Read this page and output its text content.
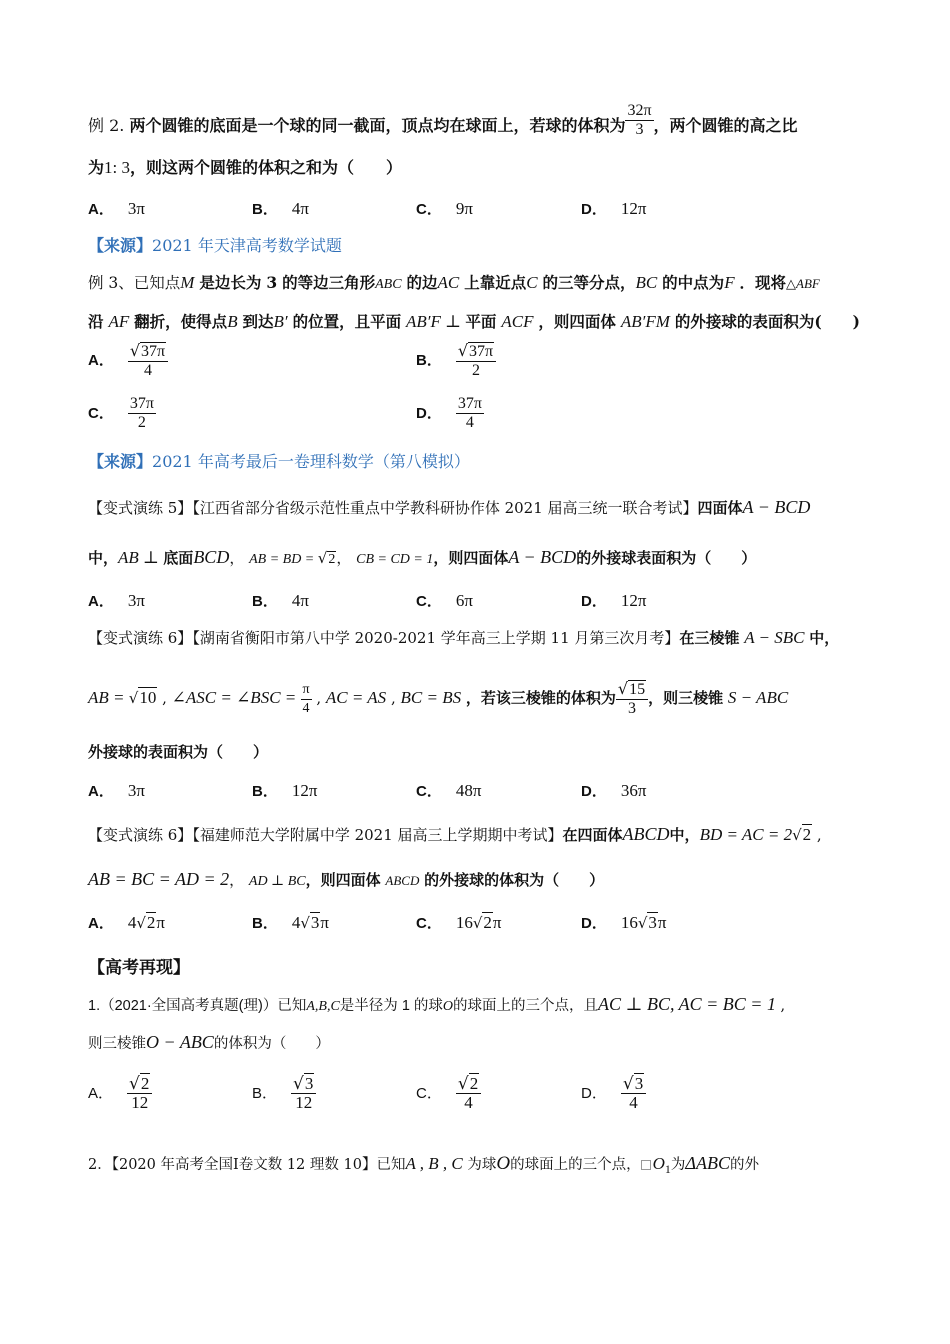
例 2. 两个圆锥的底面是一个球的同一截面，顶点均在球面上，若球的体积为 $\frac{32\pi}{3}$ ，两个圆锥的高之比
为1: 3，则这两个圆锥的体积之和为（　　）
A． 3π	B． 4π	C． 9π	D． 12π
【来源】2021 年天津高考数学试题
例 3、已知点M 是边长为 3 的等边三角形ABC 的边AC 上靠近点C 的三等分点，BC 的中点为F ．现将△ABF
沿 AF 翻折，使得点B 到达B′ 的位置，且平面 AB′F ⊥ 平面 ACF ，则四面体 AB′FM 的外接球的表面积为(　　)
A． $\frac{√37\pi}{4}$	B． $\frac{√37\pi}{2}$
C． $\frac{37\pi}{2}$	D． $\frac{37\pi}{4}$
【来源】2021 年高考最后一卷理科数学（第八模拟）
【变式演练 5】【江西省部分省级示范性重点中学教科研协作体 2021 届高三统一联合考试】四面体A − BCD
中，AB ⊥ 底面BCD， AB = BD = √2， CB = CD = 1，则四面体A − BCD的外接球表面积为（　　）
A． 3π	B． 4π	C． 6π	D． 12π
【变式演练 6】【湖南省衡阳市第八中学 2020-2021 学年高三上学期 11 月第三次月考】在三棱锥 A − SBC 中，
AB = √10 , ∠ASC = ∠BSC = $\frac{\pi}{4}$ , AC = AS , BC = BS ，若该三棱锥的体积为 $\frac{√15}{3}$ ，则三棱锥 S − ABC
外接球的表面积为（　　）
A． 3π	B． 12π	C． 48π	D． 36π
【变式演练 6】【福建师范大学附属中学 2021 届高三上学期期中考试】在四面体ABCD中，BD = AC = 2√2 ,
AB = BC = AD = 2， AD ⊥ BC，则四面体 ABCD 的外接球的体积为（　　）
A． 4√2π	B． 4√3π	C． 16√2π	D． 16√3π
【高考再现】
1.（2021·全国高考真题(理)）已知A,B,C是半径为 1 的球O的球面上的三个点，且AC ⊥ BC, AC = BC = 1 ,
则三棱锥O − ABC的体积为（　　）
A． $\frac{√2}{12}$	B． $\frac{√3}{12}$	C． $\frac{√2}{4}$	D． $\frac{√3}{4}$
2．【2020 年高考全国Ⅰ卷文数 12 理数 10】已知A , B , C 为球O的球面上的三个点， $O_1$为ΔABC的外
